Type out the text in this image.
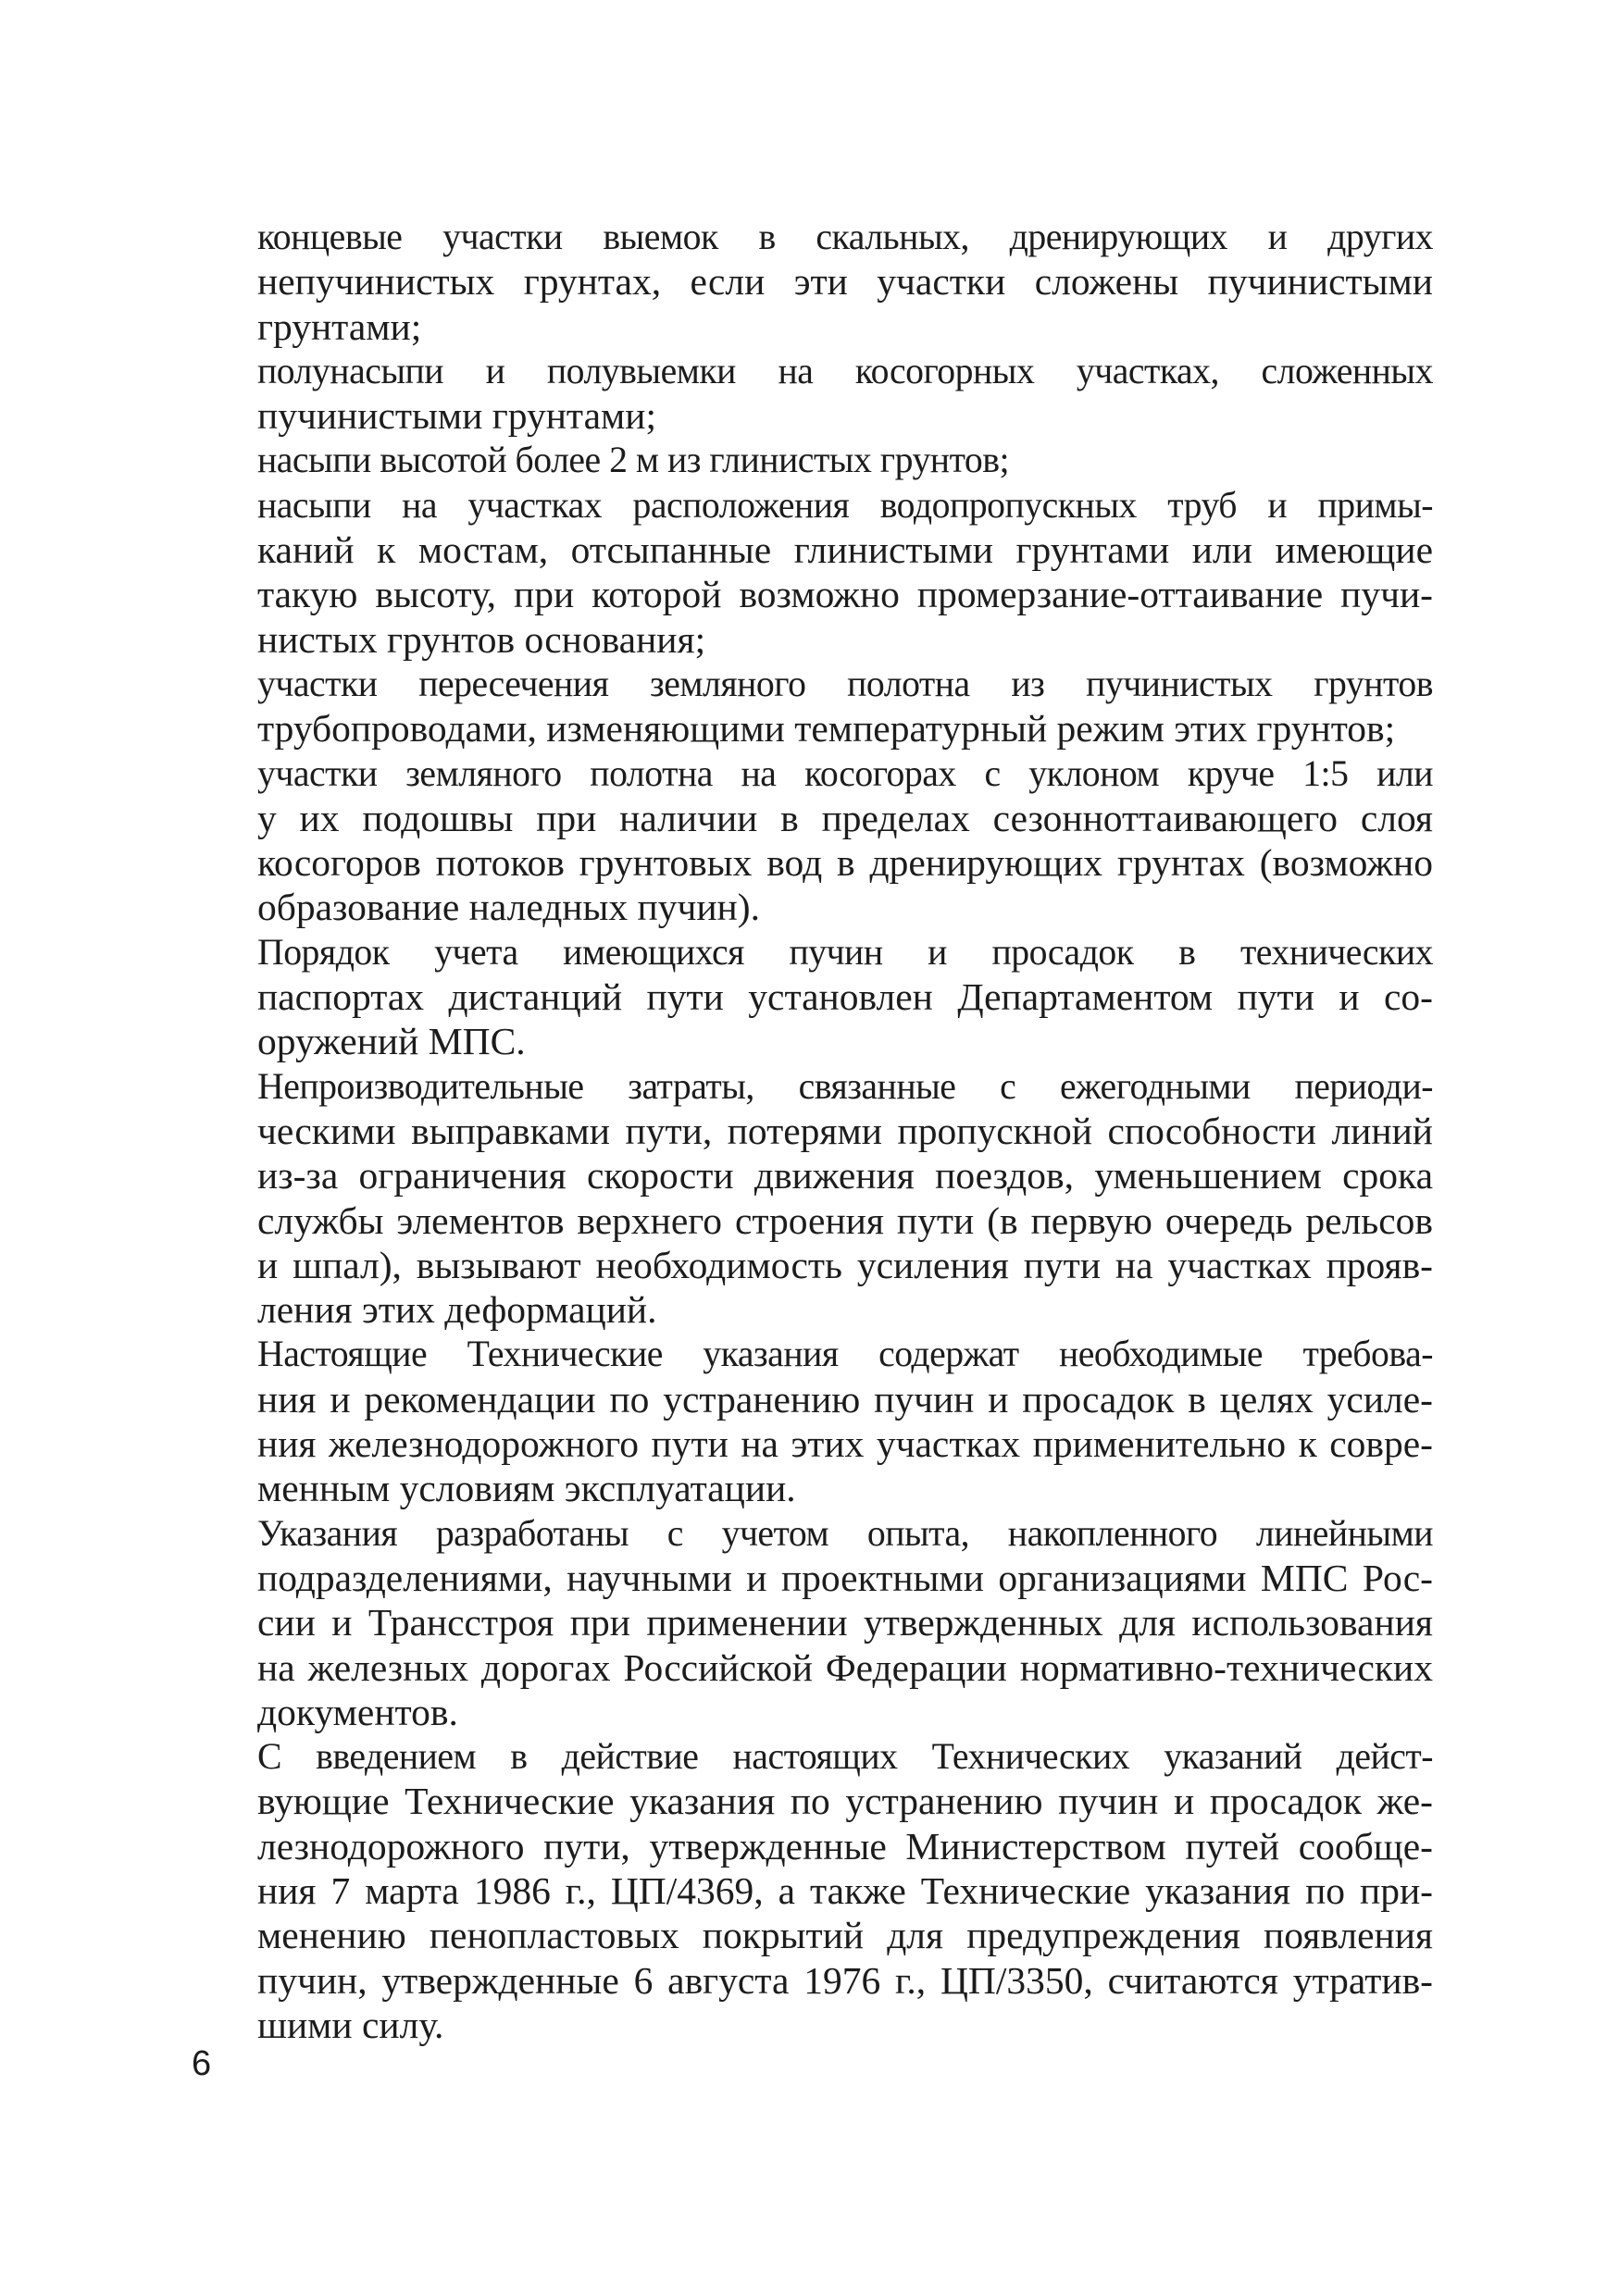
концевые участки выемок в скальных, дренирующих и других
непучинистых грунтах, если эти участки сложены пучинистыми
грунтами;
полунасыпи и полувыемки на косогорных участках, сложенных
пучинистыми грунтами;
насыпи высотой более 2 м из глинистых грунтов;
насыпи на участках расположения водопропускных труб и примы-
каний к мостам, отсыпанные глинистыми грунтами или имеющие
такую высоту, при которой возможно промерзание-оттаивание пучи-
нистых грунтов основания;
участки пересечения земляного полотна из пучинистых грунтов
трубопроводами, изменяющими температурный режим этих грунтов;
участки земляного полотна на косогорах с уклоном круче 1:5 или
у их подошвы при наличии в пределах сезонноттаивающего слоя
косогоров потоков грунтовых вод в дренирующих грунтах (возможно
образование наледных пучин).
Порядок учета имеющихся пучин и просадок в технических
паспортах дистанций пути установлен Департаментом пути и со-
оружений МПС.
Непроизводительные затраты, связанные с ежегодными периоди-
ческими выправками пути, потерями пропускной способности линий
из-за ограничения скорости движения поездов, уменьшением срока
службы элементов верхнего строения пути (в первую очередь рельсов
и шпал), вызывают необходимость усиления пути на участках прояв-
ления этих деформаций.
Настоящие Технические указания содержат необходимые требова-
ния и рекомендации по устранению пучин и просадок в целях усиле-
ния железнодорожного пути на этих участках применительно к совре-
менным условиям эксплуатации.
Указания разработаны с учетом опыта, накопленного линейными
подразделениями, научными и проектными организациями МПС Рос-
сии и Трансстроя при применении утвержденных для использования
на железных дорогах Российской Федерации нормативно-технических
документов.
С введением в действие настоящих Технических указаний дейст-
вующие Технические указания по устранению пучин и просадок же-
лезнодорожного пути, утвержденные Министерством путей сообще-
ния 7 марта 1986 г., ЦП/4369, а также Технические указания по при-
менению пенопластовых покрытий для предупреждения появления
пучин, утвержденные 6 августа 1976 г., ЦП/3350, считаются утратив-
шими силу.
6
